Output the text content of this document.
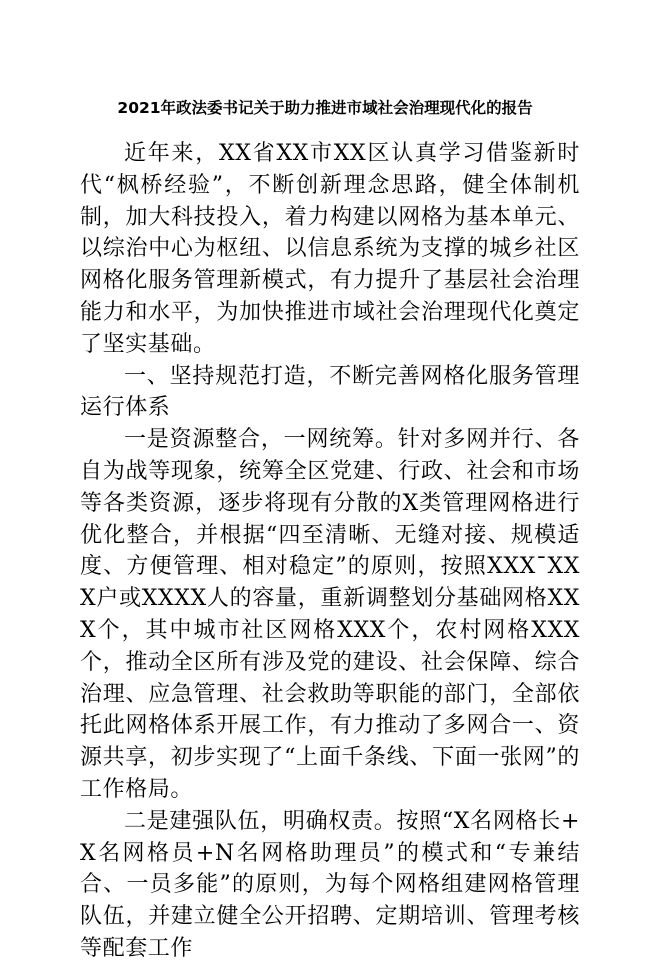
2021年政法委书记关于助力推进市域社会治理现代化的报告

近年来，XX省XX市XX区认真学习借鉴新时代“枫桥经验”，不断创新理念思路，健全体制机制，加大科技投入，着力构建以网格为基本单元、以综治中心为枢纽、以信息系统为支撑的城乡社区网格化服务管理新模式，有力提升了基层社会治理能力和水平，为加快推进市域社会治理现代化奠定了坚实基础。

一、坚持规范打造，不断完善网格化服务管理运行体系

一是资源整合，一网统筹。针对多网并行、各自为战等现象，统筹全区党建、行政、社会和市场等各类资源，逐步将现有分散的X类管理网格进行优化整合，并根据“四至清晰、无缝对接、规模适度、方便管理、相对稳定”的原则，按照XXX¯XXX户或XXXX人的容量，重新调整划分基础网格XXX个，其中城市社区网格XXX个，农村网格XXX个，推动全区所有涉及党的建设、社会保障、综合治理、应急管理、社会救助等职能的部门，全部依托此网格体系开展工作，有力推动了多网合一、资源共享，初步实现了“上面千条线、下面一张网”的工作格局。

二是建强队伍，明确权责。按照“X名网格长+X名网格员+N名网格助理员”的模式和“专兼结合、一员多能”的原则，为每个网格组建网格管理队伍，并建立健全公开招聘、定期培训、管理考核等配套工作
